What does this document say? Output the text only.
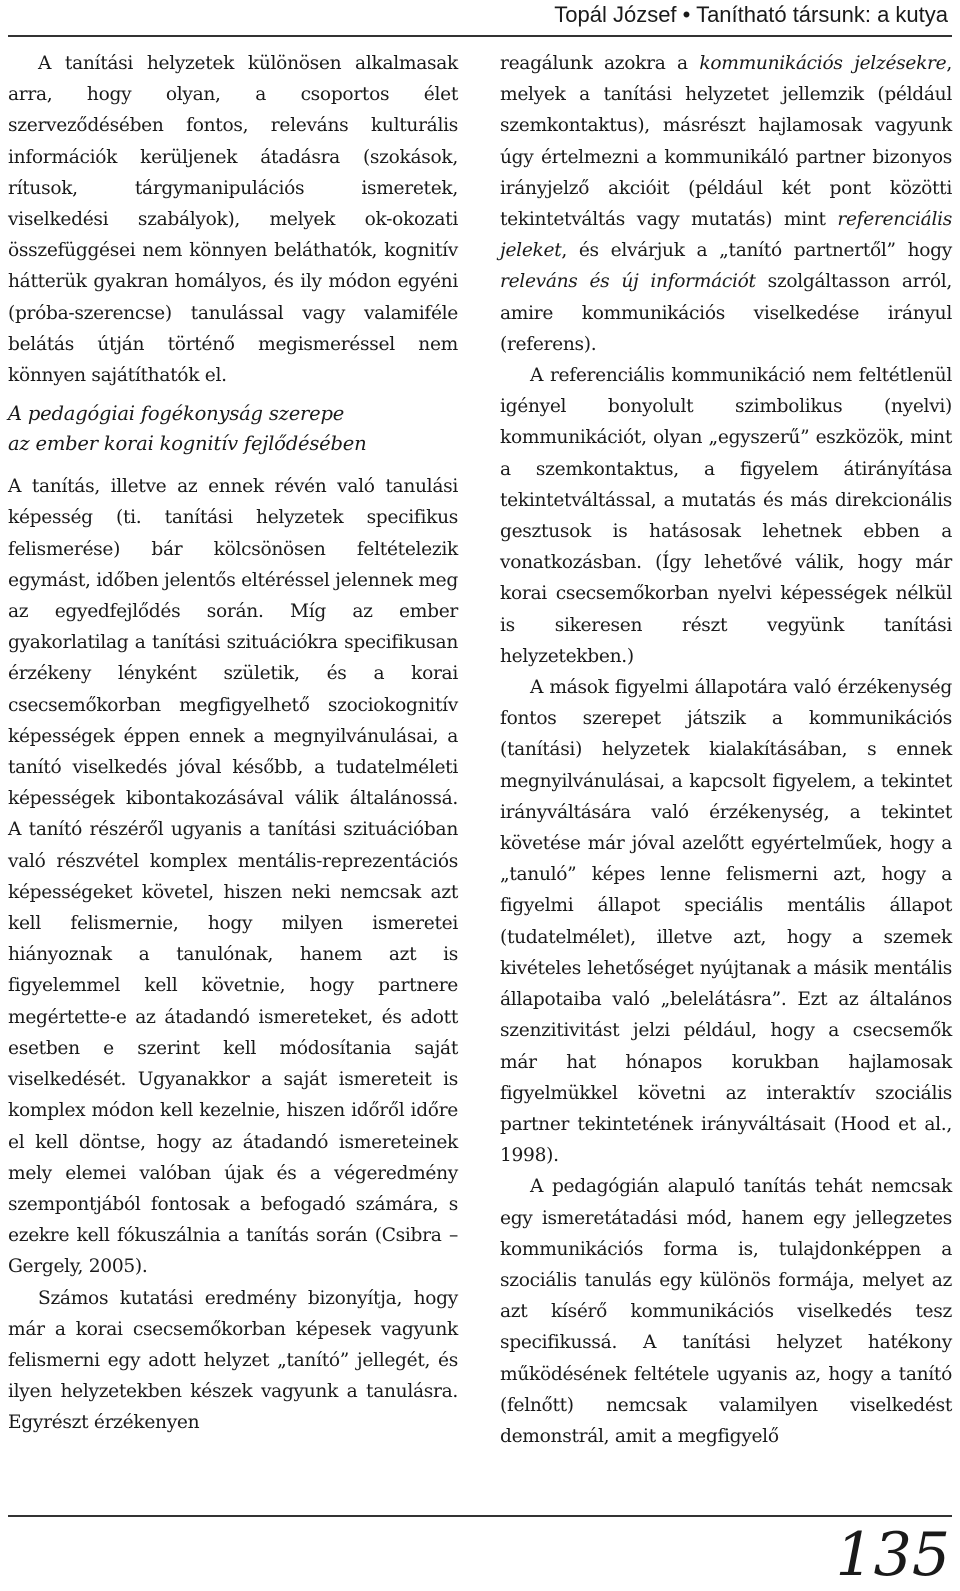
Topál József • Tanítható társunk: a kutya

A tanítási helyzetek különösen alkalmasak arra, hogy olyan, a csoportos élet szerveződésében fontos, releváns kulturális információk kerüljenek átadásra (szokások, rítusok, tárgymanipulációs ismeretek, viselkedési szabályok), melyek ok-okozati összefüggései nem könnyen beláthatók, kognitív hátterük gyakran homályos, és ily módon egyéni (próba-szerencse) tanulással vagy valamiféle belátás útján történő megismeréssel nem könnyen sajátíthatók el.

A pedagógiai fogékonyság szerepe
az ember korai kognitív fejlődésében

A tanítás, illetve az ennek révén való tanulási képesség (ti. tanítási helyzetek specifikus felismerése) bár kölcsönösen feltételezik egymást, időben jelentős eltéréssel jelennek meg az egyedfejlődés során. Míg az ember gyakorlatilag a tanítási szituációkra specifikusan érzékeny lényként születik, és a korai csecsemőkorban megfigyelhető szociokognitív képességek éppen ennek a megnyilvánulásai, a tanító viselkedés jóval később, a tudatelméleti képességek kibontakozásával válik általánossá. A tanító részéről ugyanis a tanítási szituációban való részvétel komplex mentális-reprezentációs képességeket követel, hiszen neki nemcsak azt kell felismernie, hogy milyen ismeretei hiányoznak a tanulónak, hanem azt is figyelemmel kell követnie, hogy partnere megértette-e az átadandó ismereteket, és adott esetben e szerint kell módosítania saját viselkedését. Ugyanakkor a saját ismereteit is komplex módon kell kezelnie, hiszen időről időre el kell döntse, hogy az átadandó ismereteinek mely elemei valóban újak és a végeredmény szempontjából fontosak a befogadó számára, s ezekre kell fókuszálnia a tanítás során (Csibra – Gergely, 2005).

Számos kutatási eredmény bizonyítja, hogy már a korai csecsemőkorban képesek vagyunk felismerni egy adott helyzet „tanító” jellegét, és ilyen helyzetekben készek vagyunk a tanulásra. Egyrészt érzékenyen

reagálunk azokra a kommunikációs jelzésekre, melyek a tanítási helyzetet jellemzik (például szemkontaktus), másrészt hajlamosak vagyunk úgy értelmezni a kommunikáló partner bizonyos irányjelző akcióit (például két pont közötti tekintetváltás vagy mutatás) mint referenciális jeleket, és elvárjuk a „tanító partnertől” hogy releváns és új információt szolgáltasson arról, amire kommunikációs viselkedése irányul (referens).

A referenciális kommunikáció nem feltétlenül igényel bonyolult szimbolikus (nyelvi) kommunikációt, olyan „egyszerű” eszközök, mint a szemkontaktus, a figyelem átirányítása tekintetváltással, a mutatás és más direkcionális gesztusok is hatásosak lehetnek ebben a vonatkozásban. (Így lehetővé válik, hogy már korai csecsemőkorban nyelvi képességek nélkül is sikeresen részt vegyünk tanítási helyzetekben.)

A mások figyelmi állapotára való érzékenység fontos szerepet játszik a kommunikációs (tanítási) helyzetek kialakításában, s ennek megnyilvánulásai, a kapcsolt figyelem, a tekintet irányváltására való érzékenység, a tekintet követése már jóval azelőtt egyértelműek, hogy a „tanuló” képes lenne felismerni azt, hogy a figyelmi állapot speciális mentális állapot (tudatelmélet), illetve azt, hogy a szemek kivételes lehetőséget nyújtanak a másik mentális állapotaiba való „belelátásra”. Ezt az általános szenzitivitást jelzi például, hogy a csecsemők már hat hónapos korukban hajlamosak figyelmükkel követni az interaktív szociális partner tekintetének irányváltásait (Hood et al., 1998).

A pedagógián alapuló tanítás tehát nemcsak egy ismeretátadási mód, hanem egy jellegzetes kommunikációs forma is, tulajdonképpen a szociális tanulás egy különös formája, melyet az azt kísérő kommunikációs viselkedés tesz specifikussá. A tanítási helyzet hatékony működésének feltétele ugyanis az, hogy a tanító (felnőtt) nemcsak valamilyen viselkedést demonstrál, amit a megfigyelő

135
